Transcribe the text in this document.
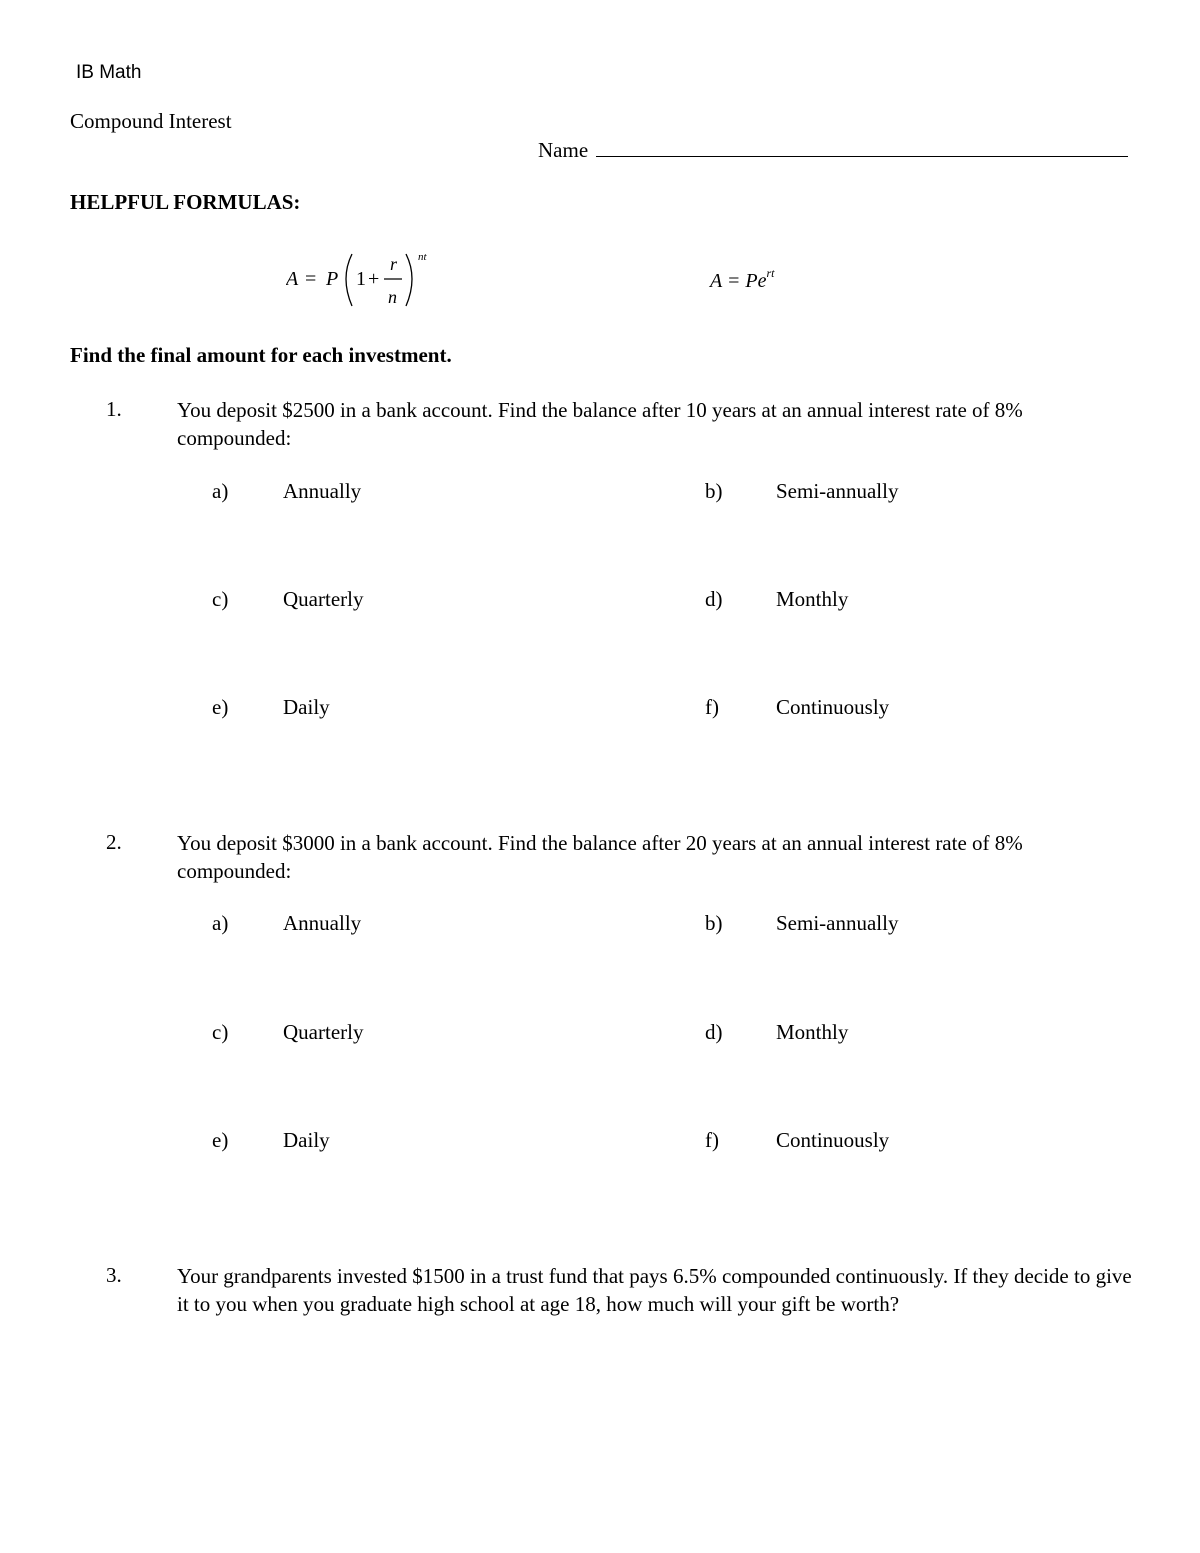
IB Math
Compound Interest
Name
HELPFUL FORMULAS:
A = P 1 +
r
n
nt
$A = Pe^{rt}$
Find the final amount for each investment.
1.	You deposit $2500 in a bank account. Find the balance after 10 years at an annual interest rate of 8% compounded:
a)	Annually	b)	Semi-annually
c)	Quarterly	d)	Monthly
e)	Daily	f)	Continuously
2.	You deposit $3000 in a bank account. Find the balance after 20 years at an annual interest rate of 8% compounded:
a)	Annually	b)	Semi-annually
c)	Quarterly	d)	Monthly
e)	Daily	f)	Continuously
3.	Your grandparents invested $1500 in a trust fund that pays 6.5% compounded continuously. If they decide to give it to you when you graduate high school at age 18, how much will your gift be worth?
